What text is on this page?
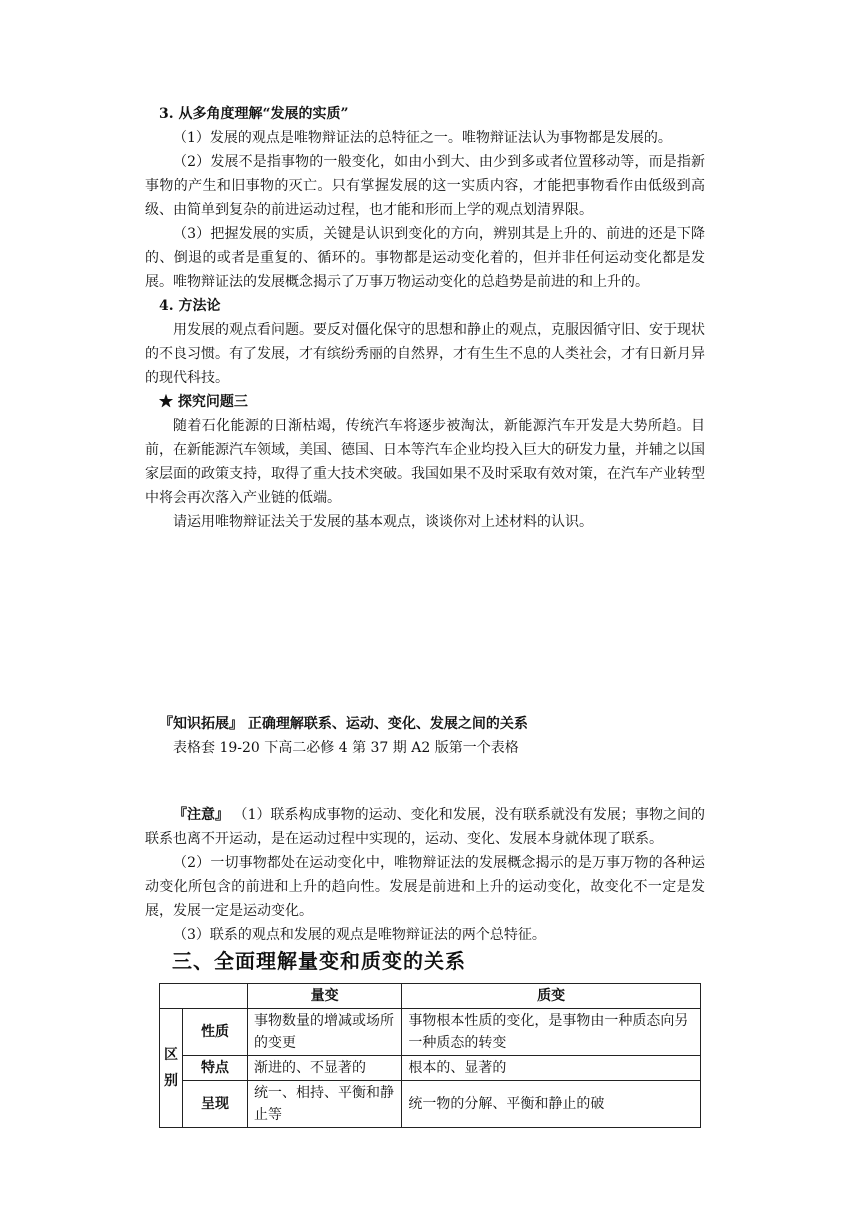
3. 从多角度理解“发展的实质”

（1）发展的观点是唯物辩证法的总特征之一。唯物辩证法认为事物都是发展的。

（2）发展不是指事物的一般变化，如由小到大、由少到多或者位置移动等，而是指新事物的产生和旧事物的灭亡。只有掌握发展的这一实质内容，才能把事物看作由低级到高级、由简单到复杂的前进运动过程，也才能和形而上学的观点划清界限。

（3）把握发展的实质，关键是认识到变化的方向，辨别其是上升的、前进的还是下降的、倒退的或者是重复的、循环的。事物都是运动变化着的，但并非任何运动变化都是发展。唯物辩证法的发展概念揭示了万事万物运动变化的总趋势是前进的和上升的。

4. 方法论

用发展的观点看问题。要反对僵化保守的思想和静止的观点，克服因循守旧、安于现状的不良习惯。有了发展，才有缤纷秀丽的自然界，才有生生不息的人类社会，才有日新月异的现代科技。

★ 探究问题三

随着石化能源的日渐枯竭，传统汽车将逐步被淘汰，新能源汽车开发是大势所趋。目前，在新能源汽车领域，美国、德国、日本等汽车企业均投入巨大的研发力量，并辅之以国家层面的政策支持，取得了重大技术突破。我国如果不及时采取有效对策，在汽车产业转型中将会再次落入产业链的低端。

请运用唯物辩证法关于发展的基本观点，谈谈你对上述材料的认识。

『知识拓展』 正确理解联系、运动、变化、发展之间的关系

表格套 19-20 下高二必修 4 第 37 期 A2 版第一个表格

『注意』 （1）联系构成事物的运动、变化和发展，没有联系就没有发展；事物之间的联系也离不开运动，是在运动过程中实现的，运动、变化、发展本身就体现了联系。

（2）一切事物都处在运动变化中，唯物辩证法的发展概念揭示的是万事万物的各种运动变化所包含的前进和上升的趋向性。发展是前进和上升的运动变化，故变化不一定是发展，发展一定是运动变化。

（3）联系的观点和发展的观点是唯物辩证法的两个总特征。

三、全面理解量变和质变的关系
		量变	质变

区
别	性质	事物数量的增减或场所的变更	事物根本性质的变化，是事物由一种质态向另一种质态的转变
	特点	渐进的、不显著的	根本的、显著的
	呈现	统一、相持、平衡和静止等	统一物的分解、平衡和静止的破
